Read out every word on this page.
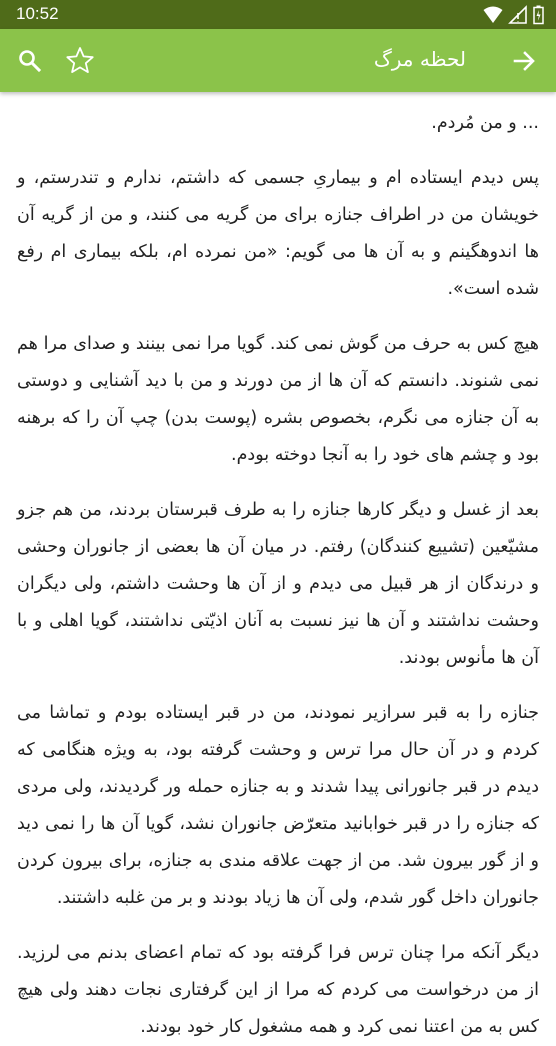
10:52
لحظه مرگ

... و من مُردم.

پس دیدم ایستاده ام و بیماریِ جسمی که داشتم، ندارم و تندرستم، و خویشان من در اطراف جنازه برای من گریه می کنند، و من از گریه آن ها اندوهگینم و به آن ها می گویم: «من نمرده ام، بلکه بیماری ام رفع شده است».

هیچ کس به حرف من گوش نمی کند. گویا مرا نمی بینند و صدای مرا هم نمی شنوند. دانستم که آن ها از من دورند و من با دید آشنایی و دوستی به آن جنازه می نگرم، بخصوص بشره (پوست بدن) چپ آن را که برهنه بود و چشم های خود را به آنجا دوخته بودم.

بعد از غسل و دیگر کارها جنازه را به طرف قبرستان بردند، من هم جزو مشیّعین (تشییع کنندگان) رفتم. در میان آن ها بعضی از جانوران وحشی و درندگان از هر قبیل می دیدم و از آن ها وحشت داشتم، ولی دیگران وحشت نداشتند و آن ها نیز نسبت به آنان اذیّتی نداشتند، گویا اهلی و با آن ها مأنوس بودند.

جنازه را به قبر سرازیر نمودند، من در قبر ایستاده بودم و تماشا می کردم و در آن حال مرا ترس و وحشت گرفته بود، به ویژه هنگامی که دیدم در قبر جانورانی پیدا شدند و به جنازه حمله ور گردیدند، ولی مردی که جنازه را در قبر خوابانید متعرّض جانوران نشد، گویا آن ها را نمی دید و از گور بیرون شد. من از جهت علاقه مندی به جنازه، برای بیرون کردن جانوران داخل گور شدم، ولی آن ها زیاد بودند و بر من غلبه داشتند.

دیگر آنکه مرا چنان ترس فرا گرفته بود که تمام اعضای بدنم می لرزید. از من درخواست می کردم که مرا از این گرفتاری نجات دهند ولی هیچ کس به من اعتنا نمی کرد و همه مشغول کار خود بودند.
